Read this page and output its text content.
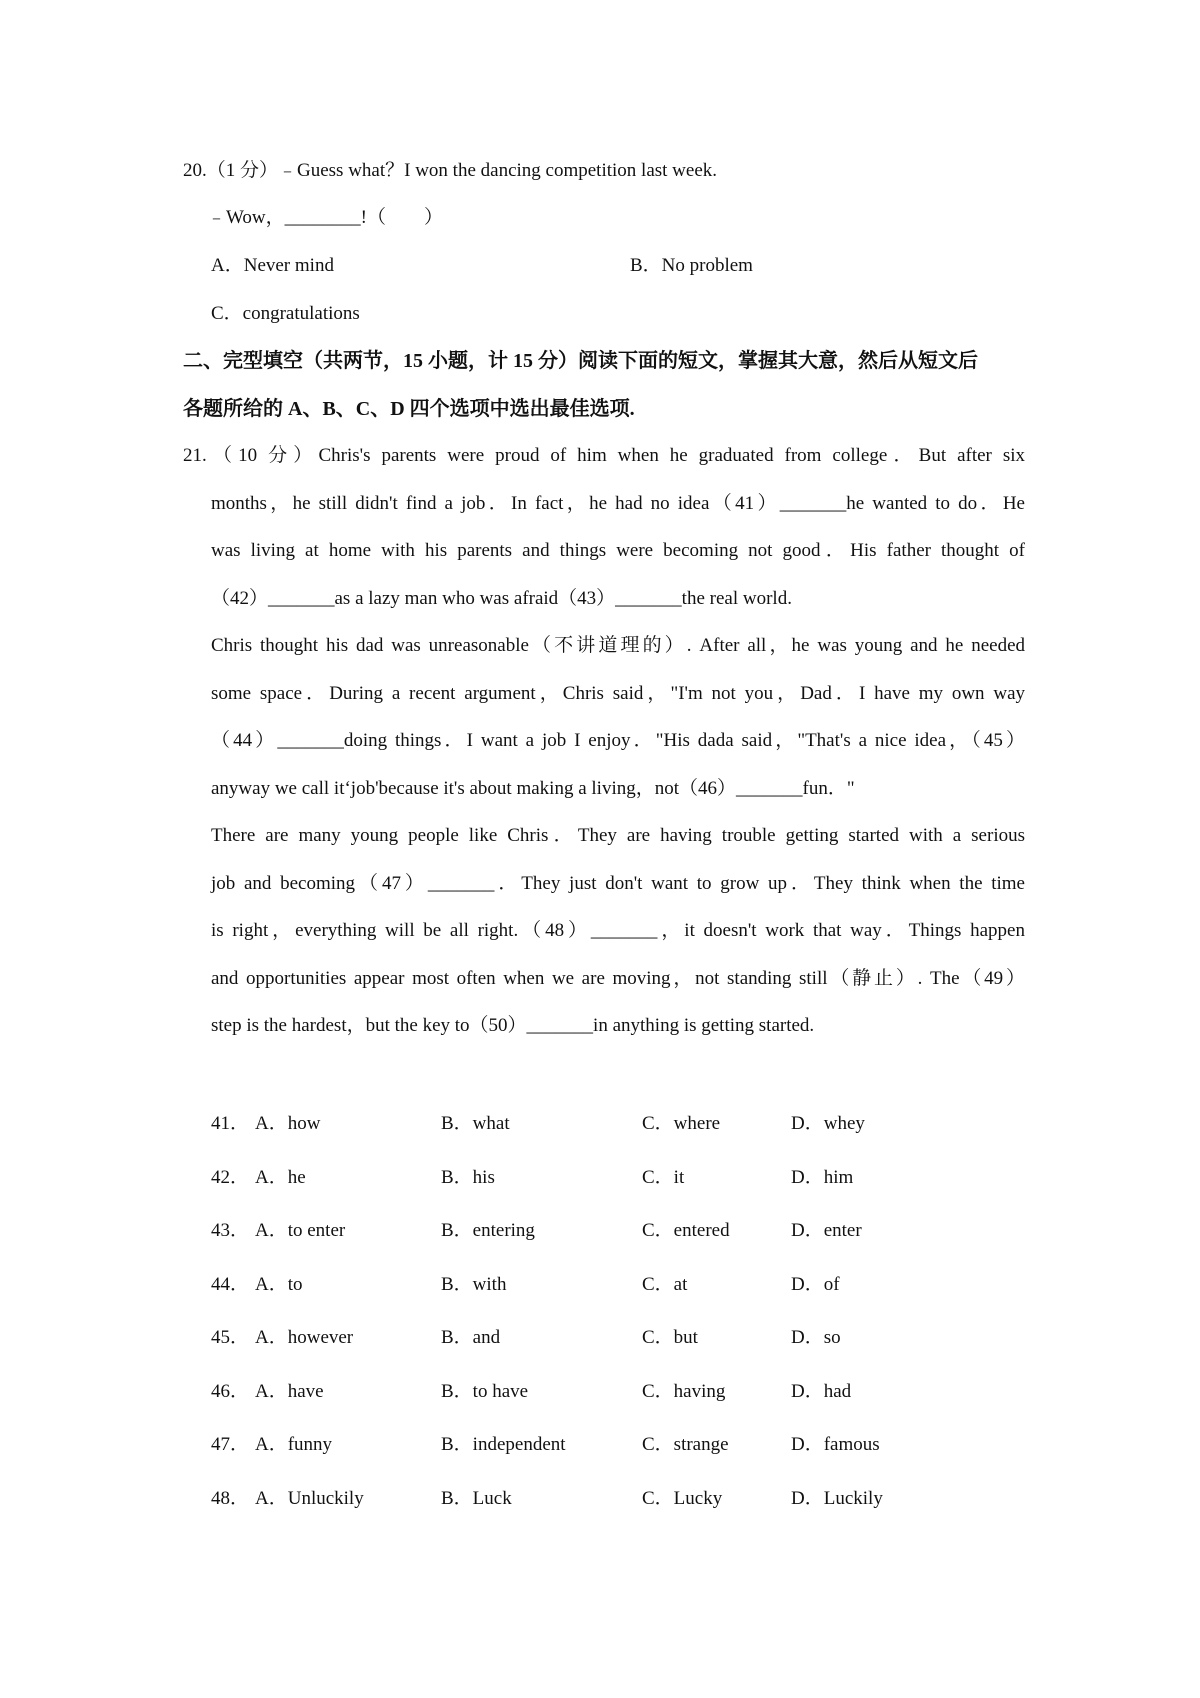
20.（1 分）﹣Guess what？I won the dancing competition last week.
﹣Wow，________!（　　）
A．Never mind	B．No problem
C．congratulations
二、完型填空（共两节，15 小题，计 15 分）阅读下面的短文，掌握其大意，然后从短文后
各题所给的 A、B、C、D 四个选项中选出最佳选项.
21.（10 分）Chris's parents were proud of him when he graduated from college．But after six
months，he still didn't find a job．In fact，he had no idea（41）_______he wanted to do．He
was living at home with his parents and things were becoming not good．His father thought of
（42）_______as a lazy man who was afraid（43）_______the real world.
Chris thought his dad was unreasonable（不讲道理的）. After all，he was young and he needed
some space．During a recent argument，Chris said，"I'm not you，Dad．I have my own way
（44）_______doing things．I want a job I enjoy．"His dada said，"That's a nice idea，（45）
anyway we call it‘job'because it's about making a living，not（46）_______fun．"
There are many young people like Chris．They are having trouble getting started with a serious
job and becoming（47）_______．They just don't want to grow up．They think when the time
is right，everything will be all right.（48）_______，it doesn't work that way．Things happen
and opportunities appear most often when we are moving，not standing still（静止）. The（49）
step is the hardest，but the key to（50）_______in anything is getting started.
41． A．how	B．what	C．where	D．whey
42． A．he	B．his	C．it	D．him
43． A．to enter	B．entering	C．entered	D．enter
44． A．to	B．with	C．at	D．of
45． A．however	B．and	C．but	D．so
46． A．have	B．to have	C．having	D．had
47． A．funny	B．independent	C．strange	D．famous
48． A．Unluckily	B．Luck	C．Lucky	D．Luckily
